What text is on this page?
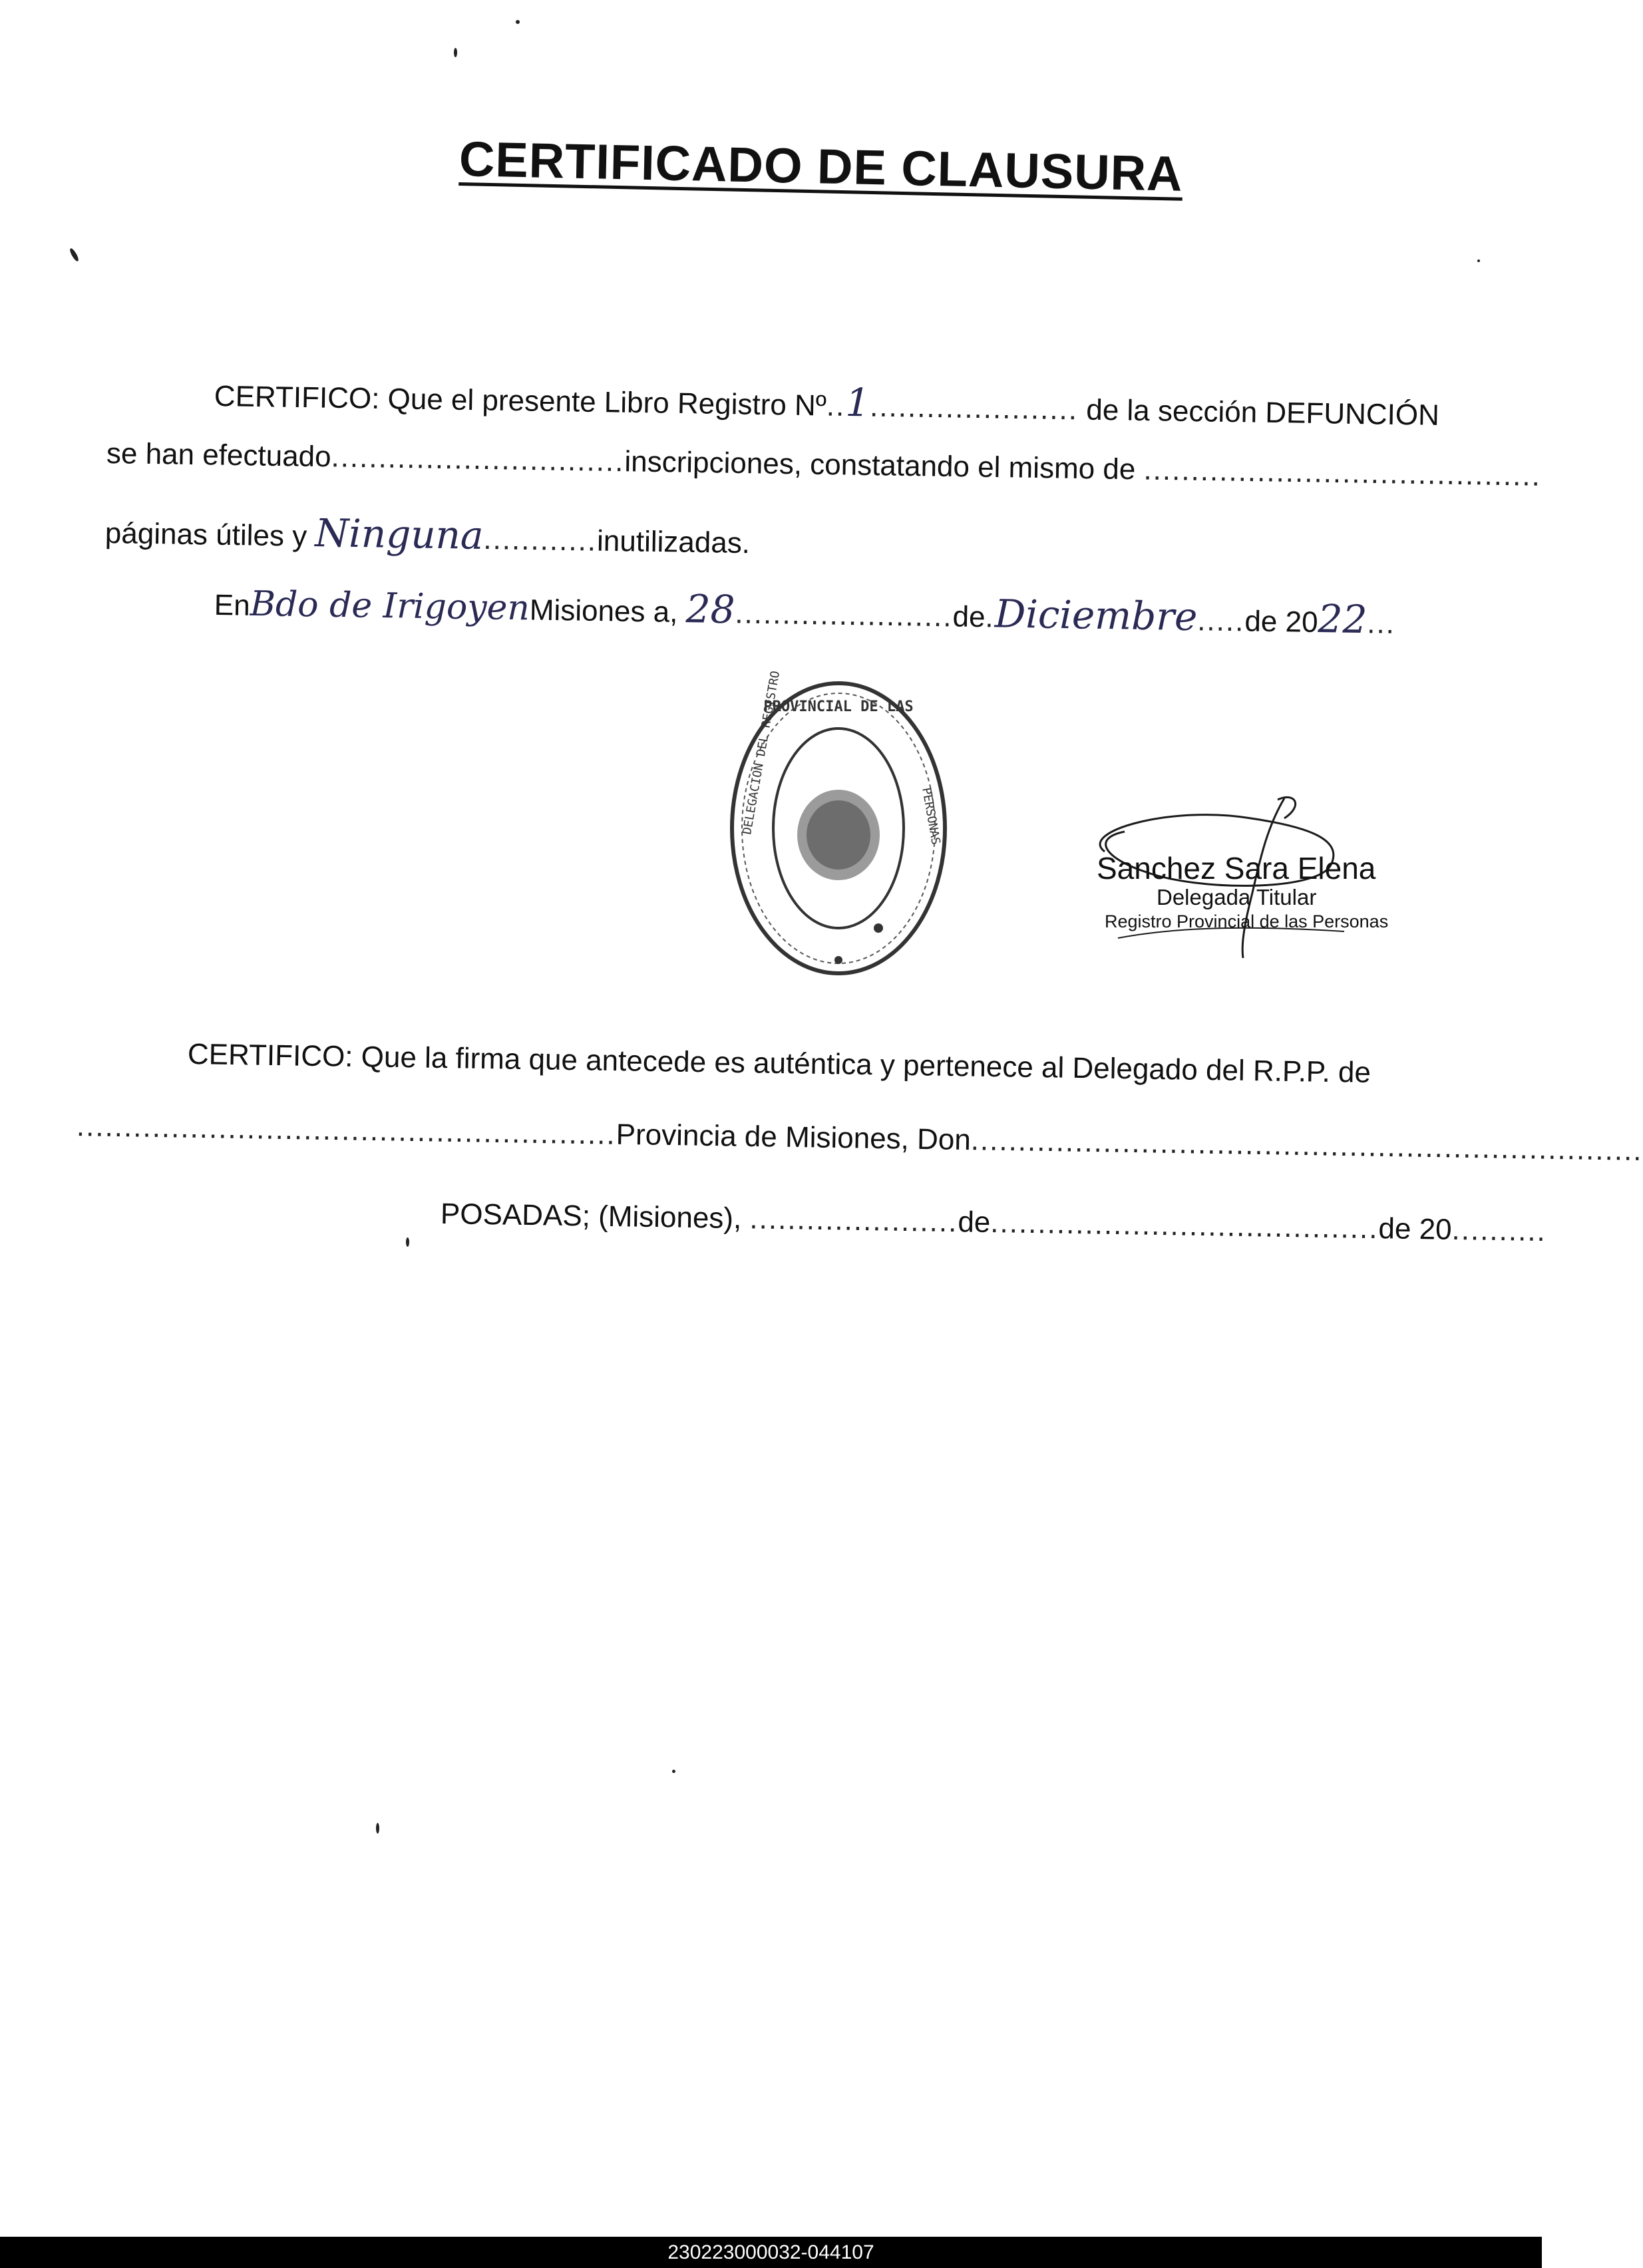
CERTIFICADO DE CLAUSURA
CERTIFICO: Que el presente Libro Registro Nº..1...................... de la sección DEFUNCIÓN
se han efectuado...............................inscripciones, constatando el mismo de ..........................................
páginas útiles y Ninguna............inutilizadas.
EnBdo de IrigoyenMisiones a, 28.......................de.Diciembre.....de 2022...
PROVINCIAL DE LAS
DELEGACION DEL REGISTRO	PERSONAS
Sanchez Sara Elena
Delegada Titular
Registro Provincial de las Personas
CERTIFICO: Que la firma que antecede es auténtica y pertenece al Delegado del R.P.P. de
.........................................................Provincia de Misiones, Don.......................................................................
POSADAS; (Misiones), ......................de.........................................de 20..........
230223000032-044107
